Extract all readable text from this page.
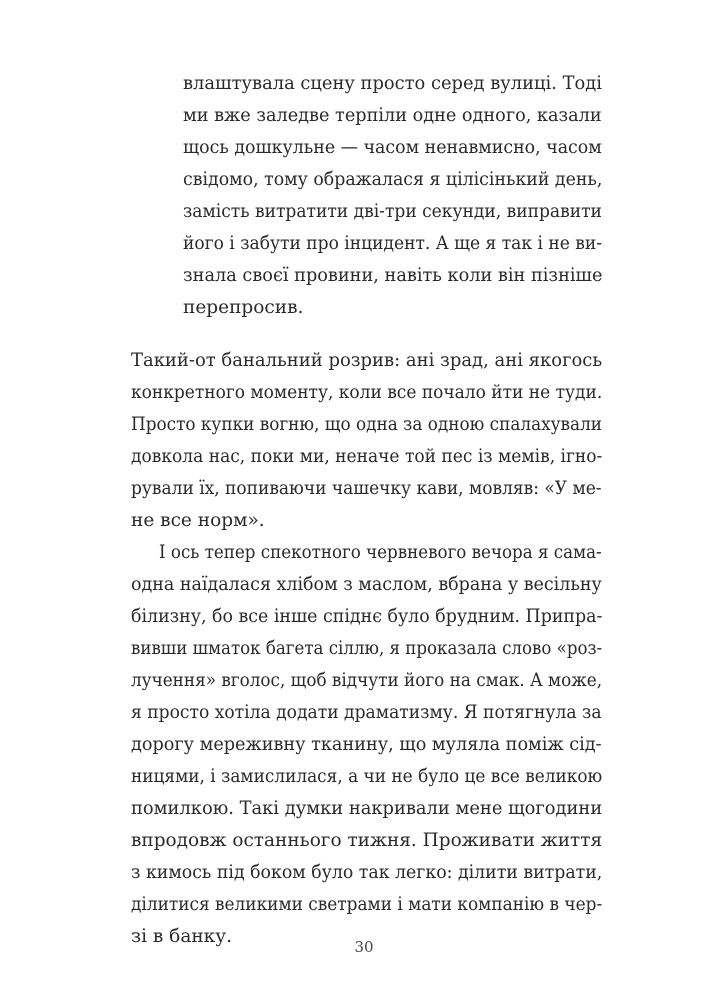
влаштувала сцену просто серед вулиці. Тоді
ми вже заледве терпіли одне одного, казали
щось дошкульне — часом ненавмисно, часом
свідомо, тому ображалася я цілісінький день,
замість витратити дві-три секунди, виправити
його і забути про інцидент. А ще я так і не ви-
знала своєї провини, навіть коли він пізніше
перепросив.
Такий-от банальний розрив: ані зрад, ані якогось
конкретного моменту, коли все почало йти не туди.
Просто купки вогню, що одна за одною спалахували
довкола нас, поки ми, неначе той пес із мемів, ігно-
рували їх, попиваючи чашечку кави, мовляв: «У ме-
не все норм».
І ось тепер спекотного червневого вечора я сама-
одна наїдалася хлібом з маслом, вбрана у весільну
білизну, бо все інше спіднє було брудним. Припра-
вивши шматок багета сіллю, я проказала слово «роз-
лучення» вголос, щоб відчути його на смак. А може,
я просто хотіла додати драматизму. Я потягнула за
дорогу мереживну тканину, що муляла поміж сід-
ницями, і замислилася, а чи не було це все великою
помилкою. Такі думки накривали мене щогодини
впродовж останнього тижня. Проживати життя
з кимось під боком було так легко: ділити витрати,
ділитися великими светрами і мати компанію в чер-
зі в банку.	30
